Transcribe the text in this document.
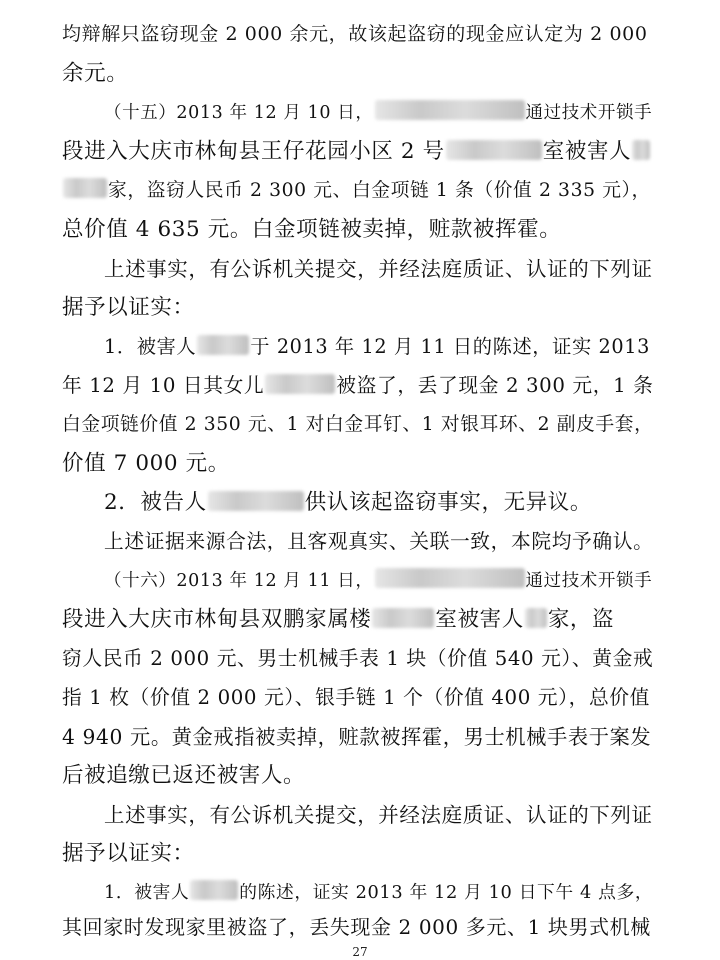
均辩解只盗窃现金 2 000 余元，故该起盗窃的现金应认定为 2 000
余元。
（十五）2013 年 12 月 10 日，	通过技术开锁手
段进入大庆市林甸县王仔花园小区 2 号	室被害人
家，盗窃人民币 2 300 元、白金项链 1 条（价值 2 335 元），
总价值 4 635 元。白金项链被卖掉，赃款被挥霍。
上述事实，有公诉机关提交，并经法庭质证、认证的下列证
据予以证实：
1．被害人	于 2013 年 12 月 11 日的陈述，证实 2013
年 12 月 10 日其女儿	被盗了，丢了现金 2 300 元，1 条
白金项链价值 2 350 元、1 对白金耳钉、1 对银耳环、2 副皮手套，
价值 7 000 元。
2．被告人	供认该起盗窃事实，无异议。
上述证据来源合法，且客观真实、关联一致，本院均予确认。
（十六）2013 年 12 月 11 日，	通过技术开锁手
段进入大庆市林甸县双鹏家属楼	室被害人 家，盗
窃人民币 2 000 元、男士机械手表 1 块（价值 540 元）、黄金戒
指 1 枚（价值 2 000 元）、银手链 1 个（价值 400 元），总价值
4 940 元。黄金戒指被卖掉，赃款被挥霍，男士机械手表于案发
后被追缴已返还被害人。
上述事实，有公诉机关提交，并经法庭质证、认证的下列证
据予以证实：
1．被害人	的陈述，证实 2013 年 12 月 10 日下午 4 点多，
其回家时发现家里被盗了，丢失现金 2 000 多元、1 块男式机械
27
